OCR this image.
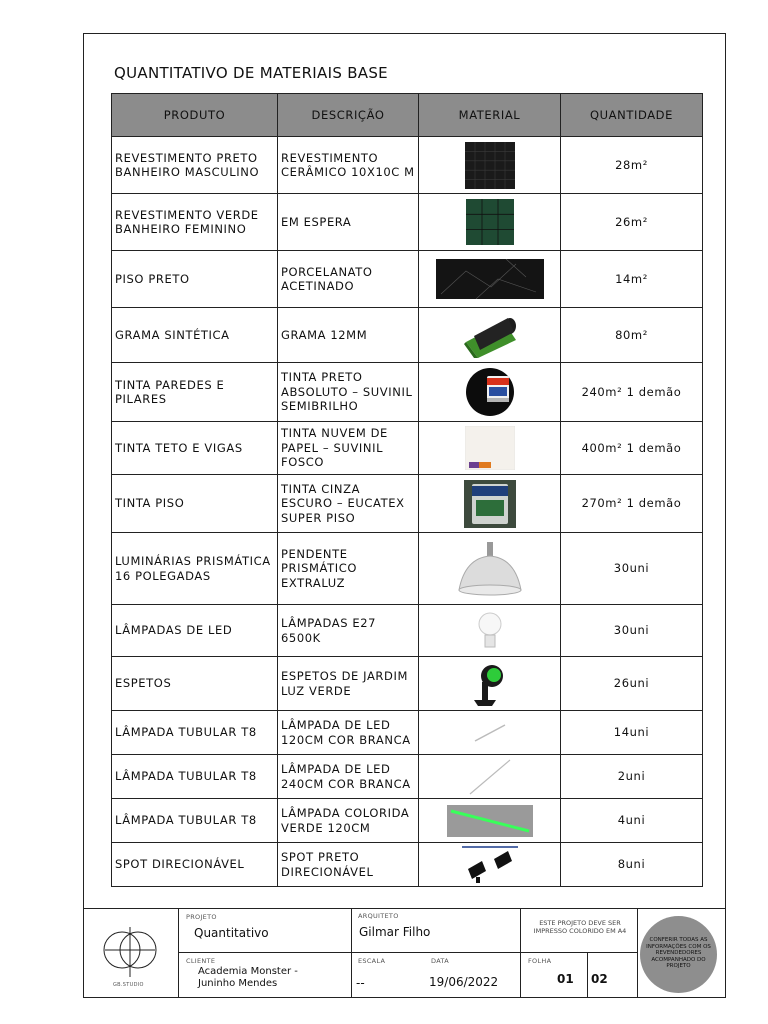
QUANTITATIVO DE MATERIAIS BASE
PRODUTO	DESCRIÇÃO	MATERIAL	QUANTIDADE
REVESTIMENTO PRETO BANHEIRO MASCULINO	REVESTIMENTO CERÂMICO 10X10C M		28m²
REVESTIMENTO VERDE BANHEIRO FEMININO	EM ESPERA		26m²
PISO PRETO	PORCELANATO ACETINADO		14m²
GRAMA SINTÉTICA	GRAMA 12MM		80m²
TINTA PAREDES E PILARES	TINTA PRETO ABSOLUTO – SUVINIL SEMIBRILHO		240m² 1 demão
TINTA TETO E VIGAS	TINTA NUVEM DE PAPEL – SUVINIL FOSCO		400m² 1 demão
TINTA PISO	TINTA CINZA ESCURO – EUCATEX SUPER PISO		270m² 1 demão
LUMINÁRIAS PRISMÁTICA 16 POLEGADAS	PENDENTE PRISMÁTICO EXTRALUZ		30uni
LÂMPADAS DE LED	LÂMPADAS E27 6500K		30uni
ESPETOS	ESPETOS DE JARDIM LUZ VERDE		26uni
LÂMPADA TUBULAR T8	LÂMPADA DE LED 120CM COR BRANCA		14uni
LÂMPADA TUBULAR T8	LÂMPADA DE LED 240CM COR BRANCA		2uni
LÂMPADA TUBULAR T8	LÂMPADA COLORIDA VERDE 120CM		4uni
SPOT DIRECIONÁVEL	SPOT PRETO DIRECIONÁVEL		8uni
GB.STUDIO
PROJETO
Quantitativo
ARQUITETO
Gilmar Filho
ESTE PROJETO DEVE SER IMPRESSO COLORIDO EM A4
CONFERIR TODAS AS INFORMAÇÕES COM OS REVENDEDORES ACOMPANHADO DO PROJETO
CLIENTE
Academia Monster - Juninho Mendes
ESCALA
--
DATA
19/06/2022
FOLHA
01 02
